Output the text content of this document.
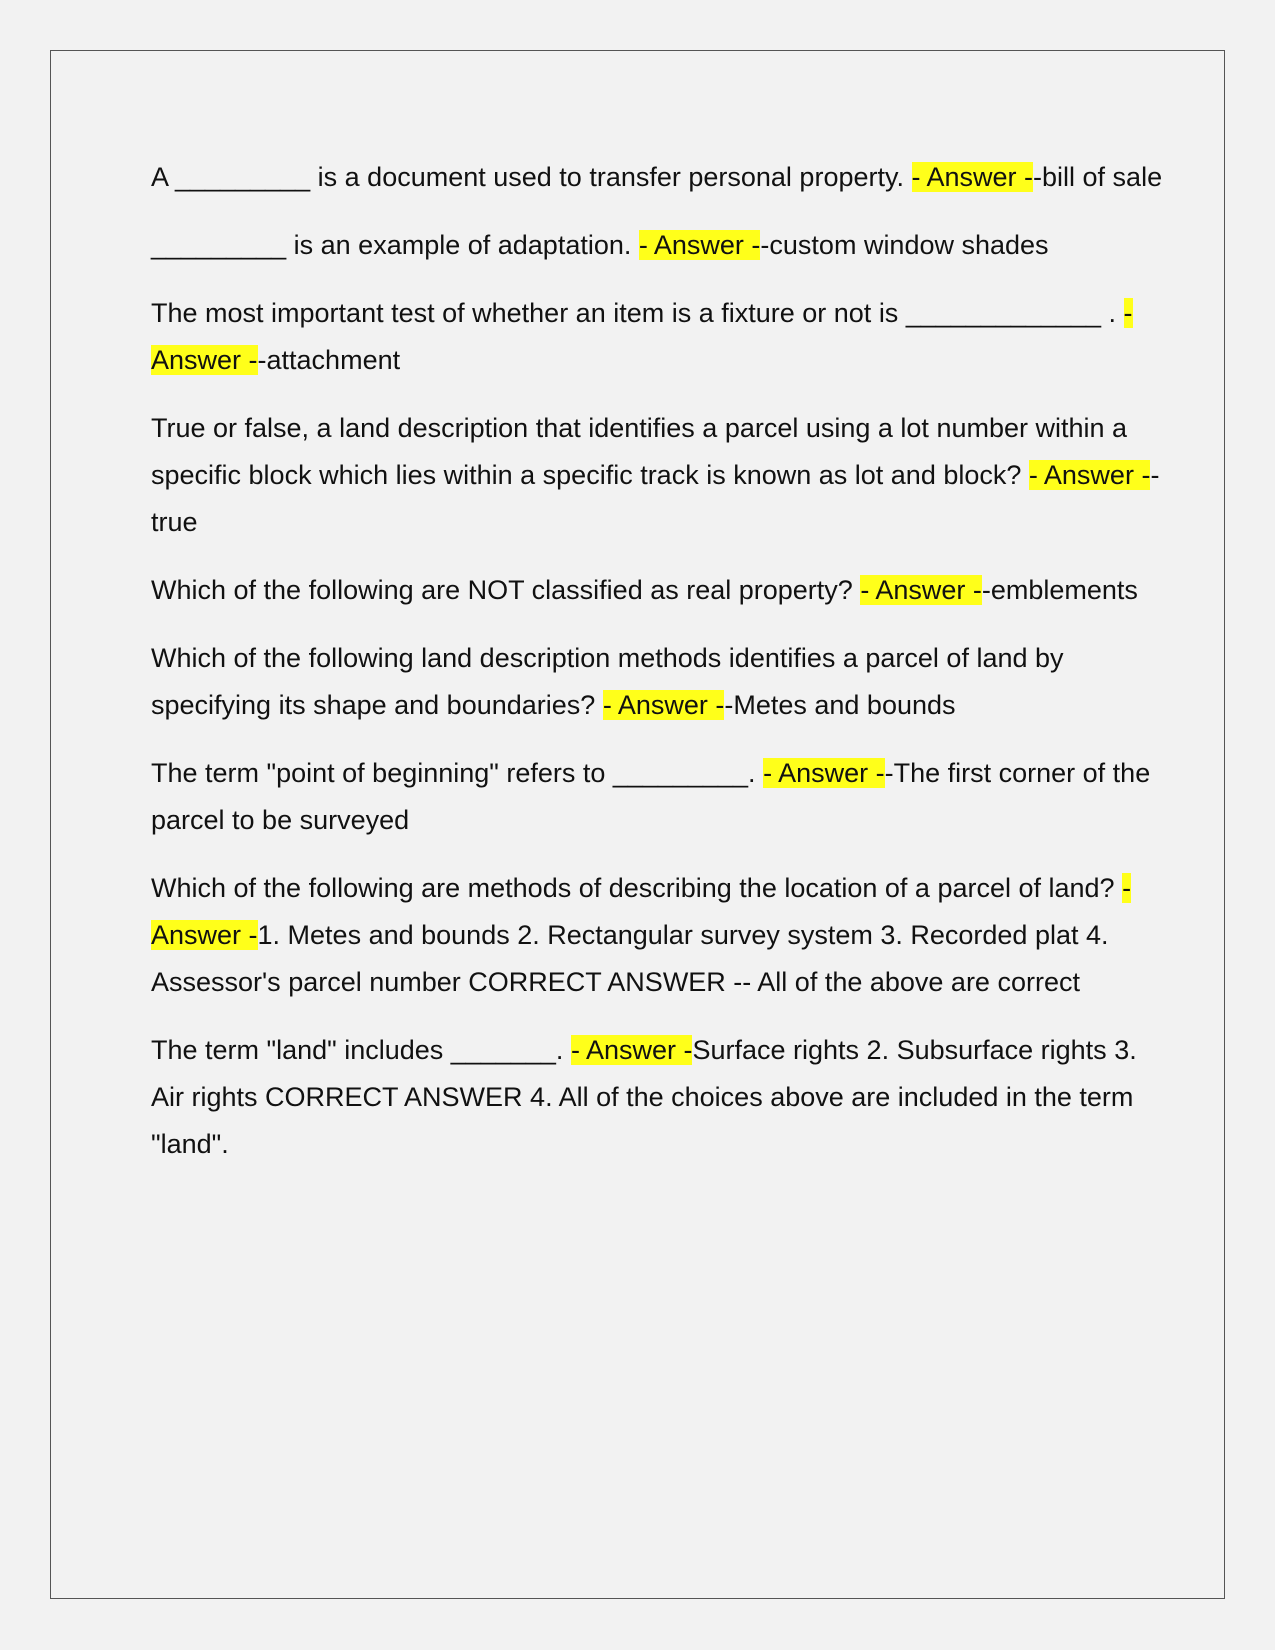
A _________ is a document used to transfer personal property. - Answer --bill of sale

_________ is an example of adaptation. - Answer --custom window shades

The most important test of whether an item is a fixture or not is _____________ . - Answer --attachment

True or false, a land description that identifies a parcel using a lot number within a specific block which lies within a specific track is known as lot and block? - Answer --true

Which of the following are NOT classified as real property? - Answer --emblements

Which of the following land description methods identifies a parcel of land by specifying its shape and boundaries? - Answer --Metes and bounds

The term "point of beginning" refers to _________. - Answer --The first corner of the parcel to be surveyed

Which of the following are methods of describing the location of a parcel of land? - Answer -1. Metes and bounds 2. Rectangular survey system 3. Recorded plat 4. Assessor's parcel number CORRECT ANSWER -- All of the above are correct

The term "land" includes _______. - Answer -Surface rights 2. Subsurface rights 3. Air rights CORRECT ANSWER 4. All of the choices above are included in the term "land".
